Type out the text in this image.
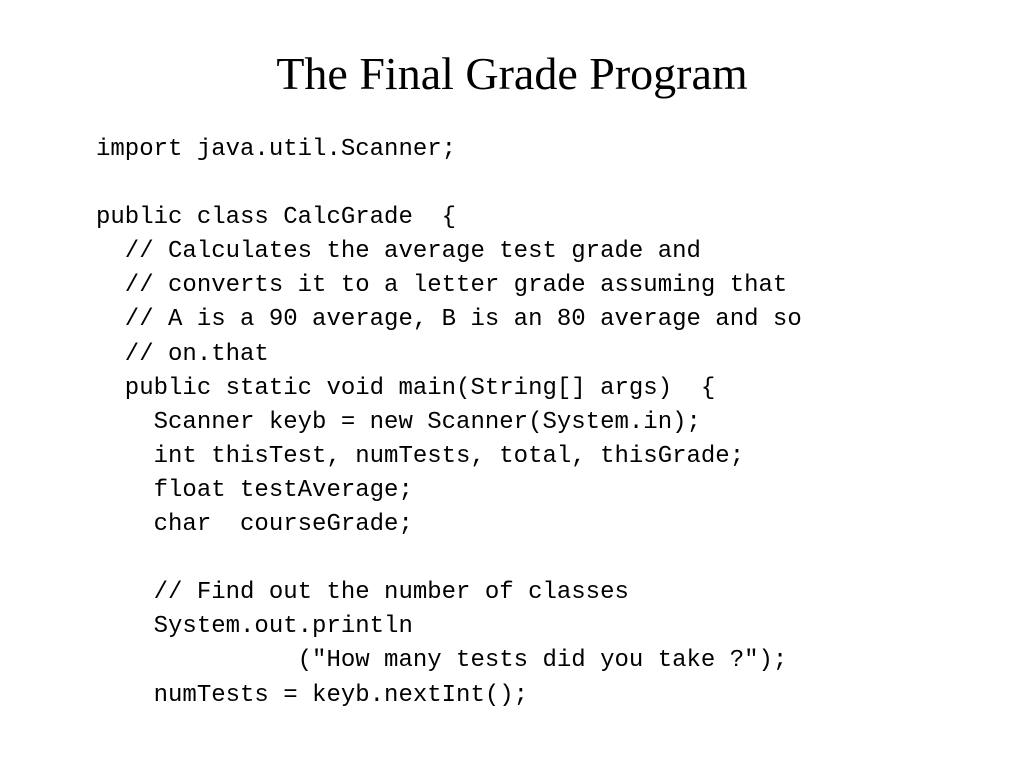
The Final Grade Program
import java.util.Scanner;
public class CalcGrade  {
// Calculates the average test grade and
// converts it to a letter grade assuming that
// A is a 90 average, B is an 80 average and so
// on.that
public static void main(String[] args)  {
Scanner keyb = new Scanner(System.in);
int thisTest, numTests, total, thisGrade;
float testAverage;
char  courseGrade;
// Find out the number of classes
System.out.println
("How many tests did you take ?");
numTests = keyb.nextInt();
